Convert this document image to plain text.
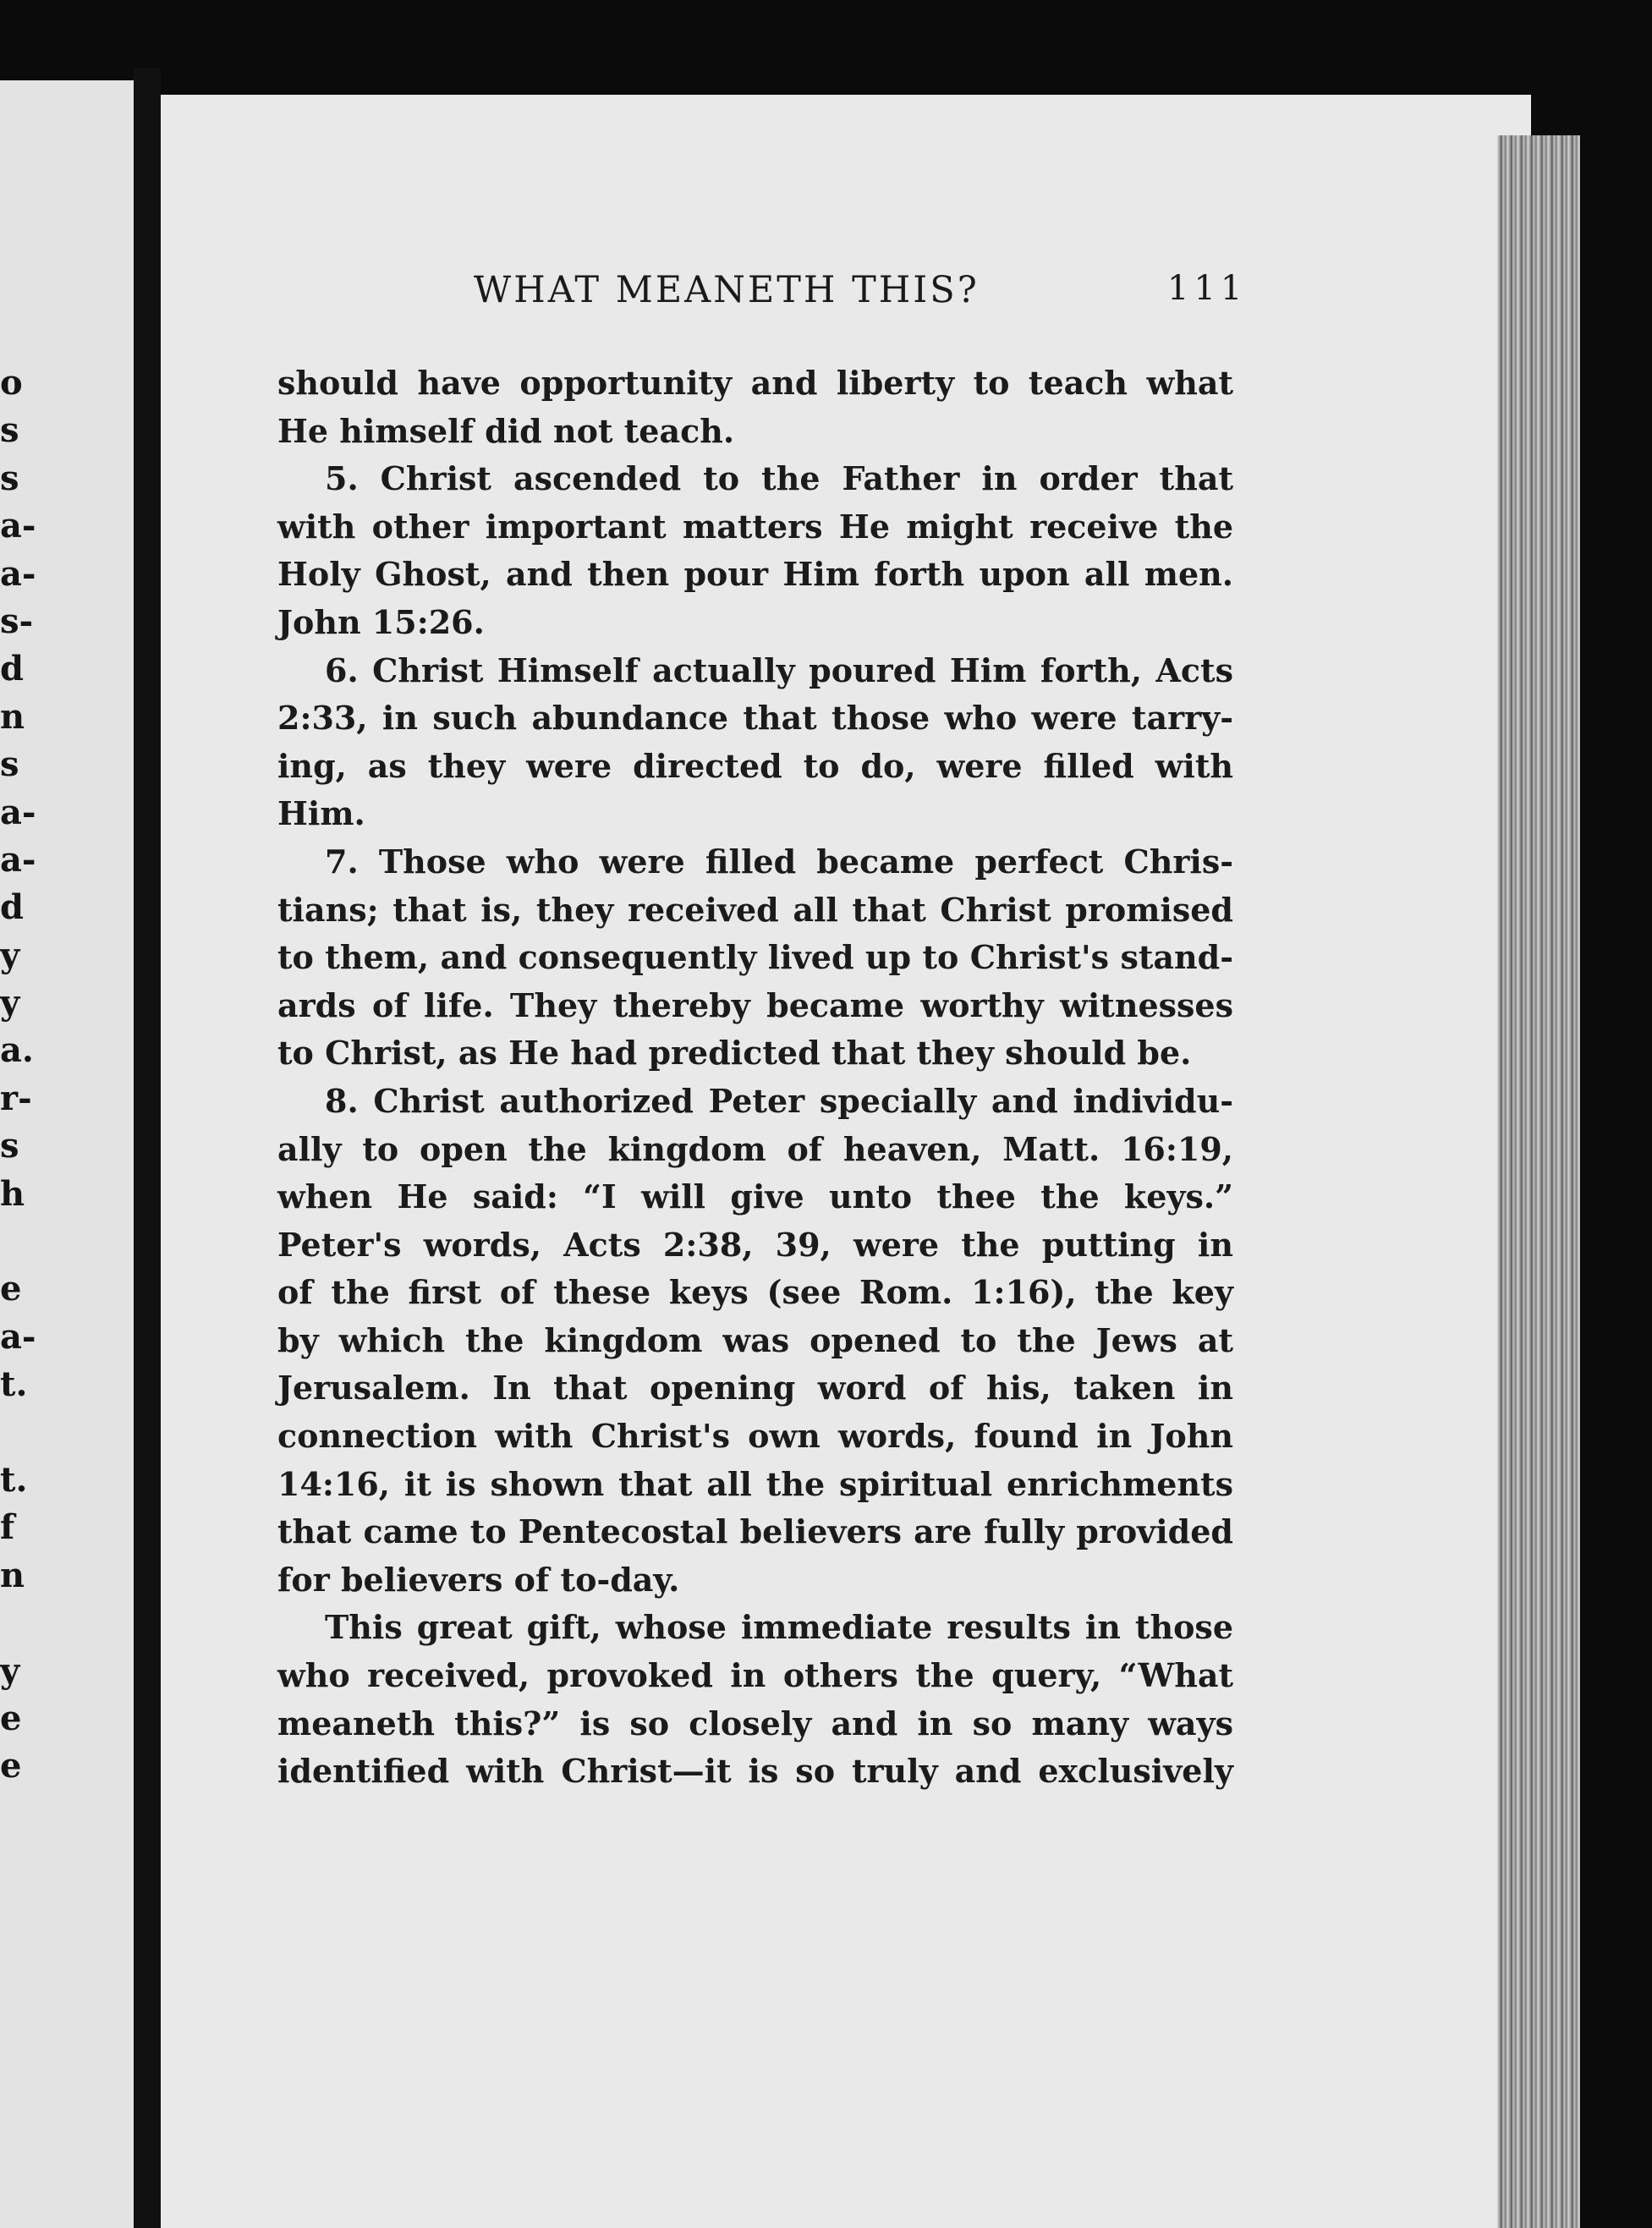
o
s
s
a-
a-
s-
d
n
s
a-
a-
d
y
y
a.
r-
s
h
e
a-
t.
t.
f
n
y
e
e
WHAT MEANETH THIS?	111
should have opportunity and liberty to teach what
He himself did not teach.
5. Christ ascended to the Father in order that
with other important matters He might receive the
Holy Ghost, and then pour Him forth upon all men.
John 15:26.
6. Christ Himself actually poured Him forth, Acts
2:33, in such abundance that those who were tarry-
ing, as they were directed to do, were filled with
Him.
7. Those who were filled became perfect Chris-
tians; that is, they received all that Christ promised
to them, and consequently lived up to Christ's stand-
ards of life. They thereby became worthy witnesses
to Christ, as He had predicted that they should be.
8. Christ authorized Peter specially and individu-
ally to open the kingdom of heaven, Matt. 16:19,
when He said: “I will give unto thee the keys.”
Peter's words, Acts 2:38, 39, were the putting in
of the first of these keys (see Rom. 1:16), the key
by which the kingdom was opened to the Jews at
Jerusalem. In that opening word of his, taken in
connection with Christ's own words, found in John
14:16, it is shown that all the spiritual enrichments
that came to Pentecostal believers are fully provided
for believers of to-day.
This great gift, whose immediate results in those
who received, provoked in others the query, “What
meaneth this?” is so closely and in so many ways
identified with Christ—it is so truly and exclusively
